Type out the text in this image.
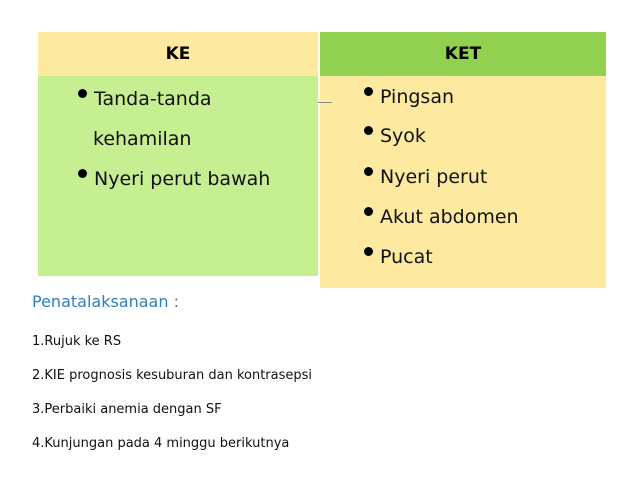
KE	KET
Tanda-tanda
kehamilan
Nyeri perut bawah
Pingsan
Syok
Nyeri perut
Akut abdomen
Pucat
Penatalaksanaan :
1.Rujuk ke RS
2.KIE prognosis kesuburan dan kontrasepsi
3.Perbaiki anemia dengan SF
4.Kunjungan pada 4 minggu berikutnya
